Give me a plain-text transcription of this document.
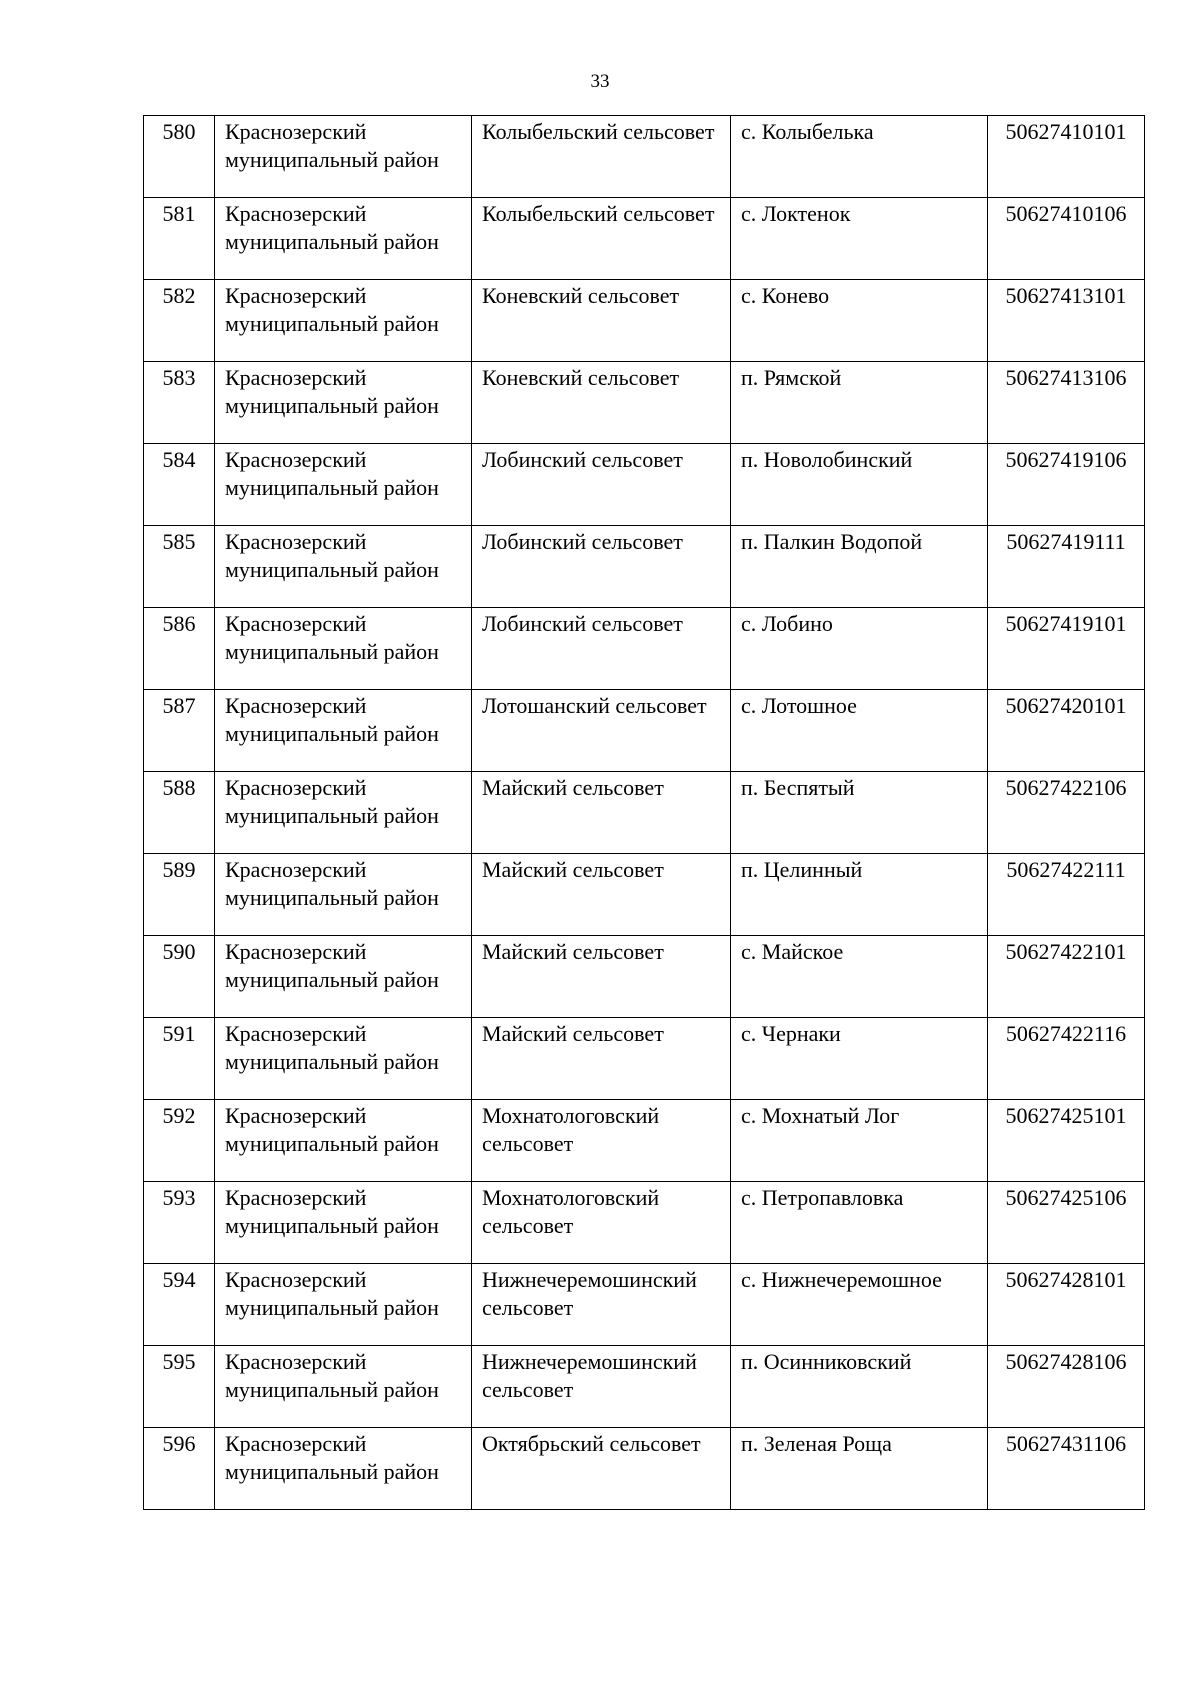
33
580	Краснозерский муниципальный район	Колыбельский сельсовет	с. Колыбелька	50627410101
581	Краснозерский муниципальный район	Колыбельский сельсовет	с. Локтенок	50627410106
582	Краснозерский муниципальный район	Коневский сельсовет	с. Конево	50627413101
583	Краснозерский муниципальный район	Коневский сельсовет	п. Рямской	50627413106
584	Краснозерский муниципальный район	Лобинский сельсовет	п. Новолобинский	50627419106
585	Краснозерский муниципальный район	Лобинский сельсовет	п. Палкин Водопой	50627419111
586	Краснозерский муниципальный район	Лобинский сельсовет	с. Лобино	50627419101
587	Краснозерский муниципальный район	Лотошанский сельсовет	с. Лотошное	50627420101
588	Краснозерский муниципальный район	Майский сельсовет	п. Беспятый	50627422106
589	Краснозерский муниципальный район	Майский сельсовет	п. Целинный	50627422111
590	Краснозерский муниципальный район	Майский сельсовет	с. Майское	50627422101
591	Краснозерский муниципальный район	Майский сельсовет	с. Чернаки	50627422116
592	Краснозерский муниципальный район	Мохнатологовский сельсовет	с. Мохнатый Лог	50627425101
593	Краснозерский муниципальный район	Мохнатологовский сельсовет	с. Петропавловка	50627425106
594	Краснозерский муниципальный район	Нижнечеремошинский сельсовет	с. Нижнечеремошное	50627428101
595	Краснозерский муниципальный район	Нижнечеремошинский сельсовет	п. Осинниковский	50627428106
596	Краснозерский муниципальный район	Октябрьский сельсовет	п. Зеленая Роща	50627431106
